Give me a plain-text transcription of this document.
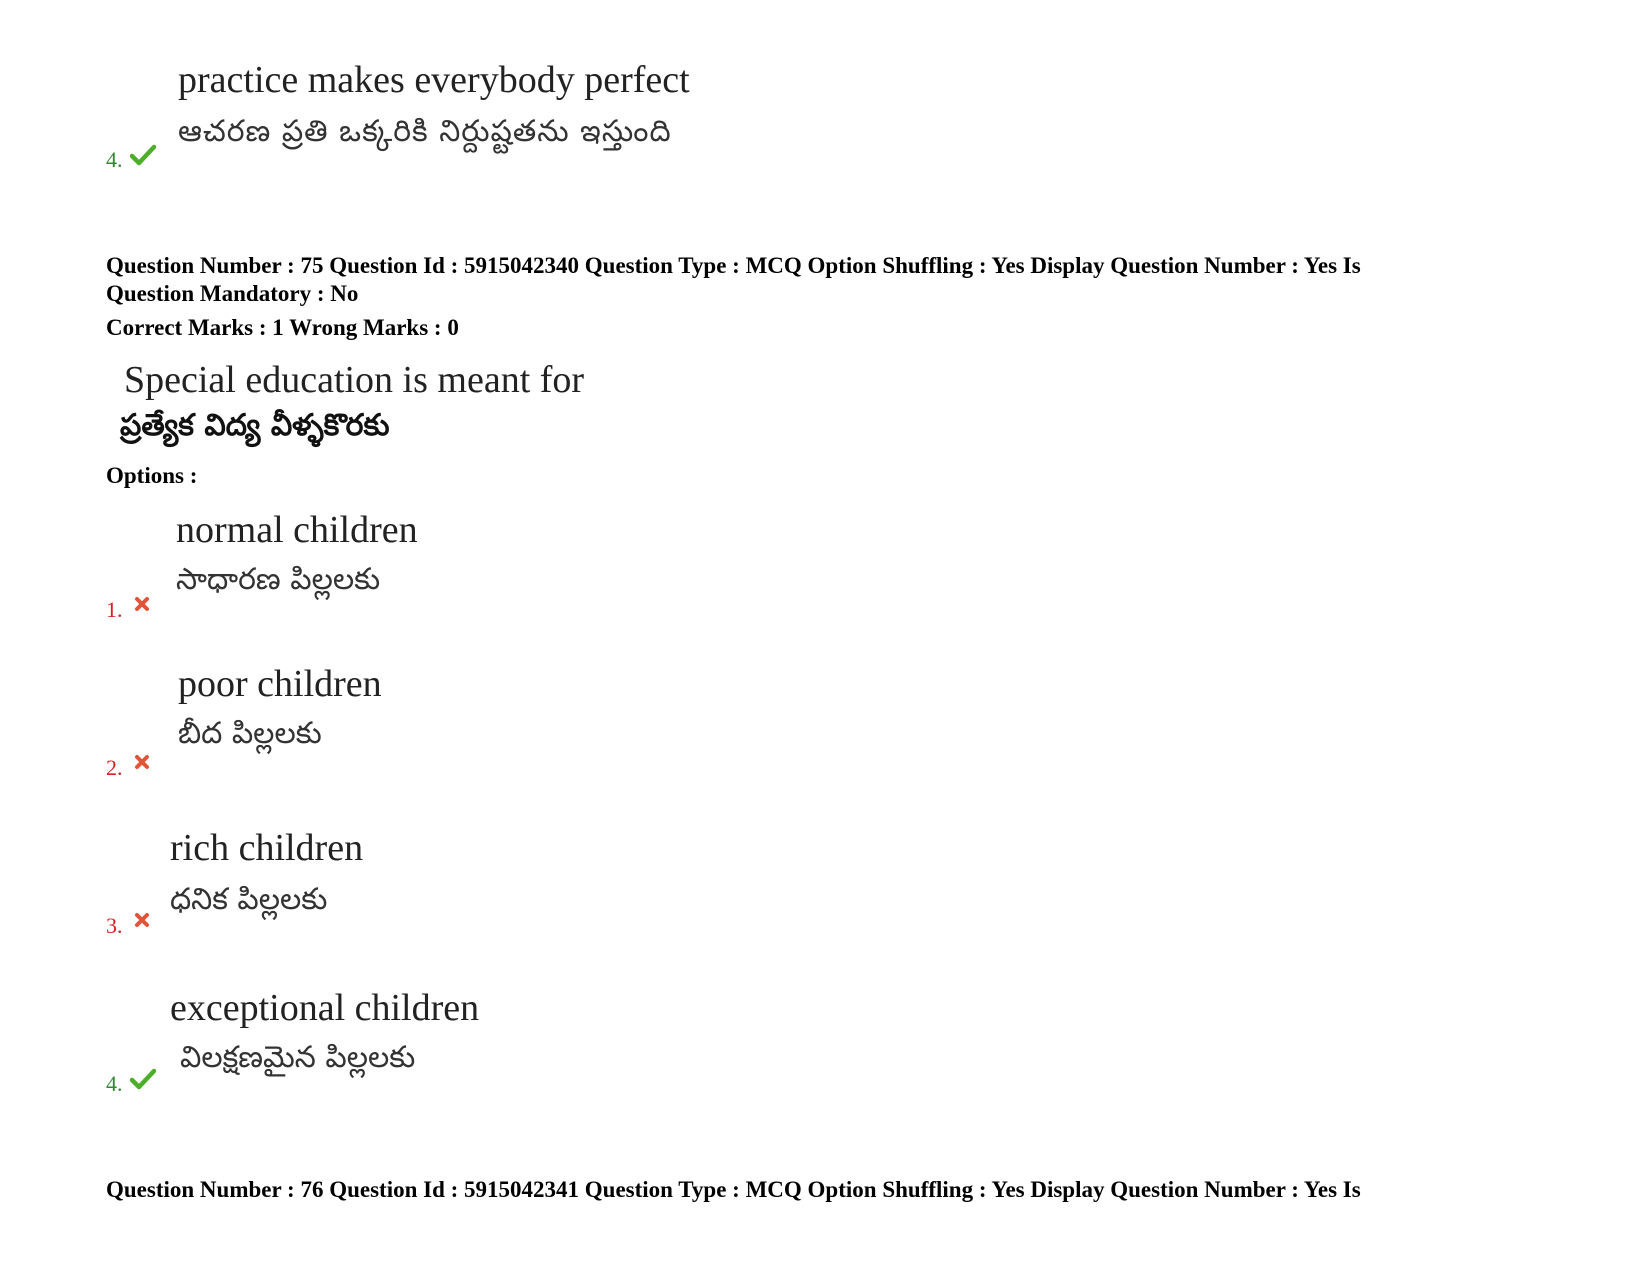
practice makes everybody perfect
ఆచరణ ప్రతి ఒక్కరికి నిర్దుష్టతను ఇస్తుంది
4.
Question Number : 75 Question Id : 5915042340 Question Type : MCQ Option Shuffling : Yes Display Question Number : Yes Is
Question Mandatory : No
Correct Marks : 1 Wrong Marks : 0
Special education is meant for
ప్రత్యేక విద్య వీళ్ళకొరకు
Options :
normal children
సాధారణ పిల్లలకు
1.
poor children
బీద పిల్లలకు
2.
rich children
ధనిక పిల్లలకు
3.
exceptional children
విలక్షణమైన పిల్లలకు
4.
Question Number : 76 Question Id : 5915042341 Question Type : MCQ Option Shuffling : Yes Display Question Number : Yes Is
